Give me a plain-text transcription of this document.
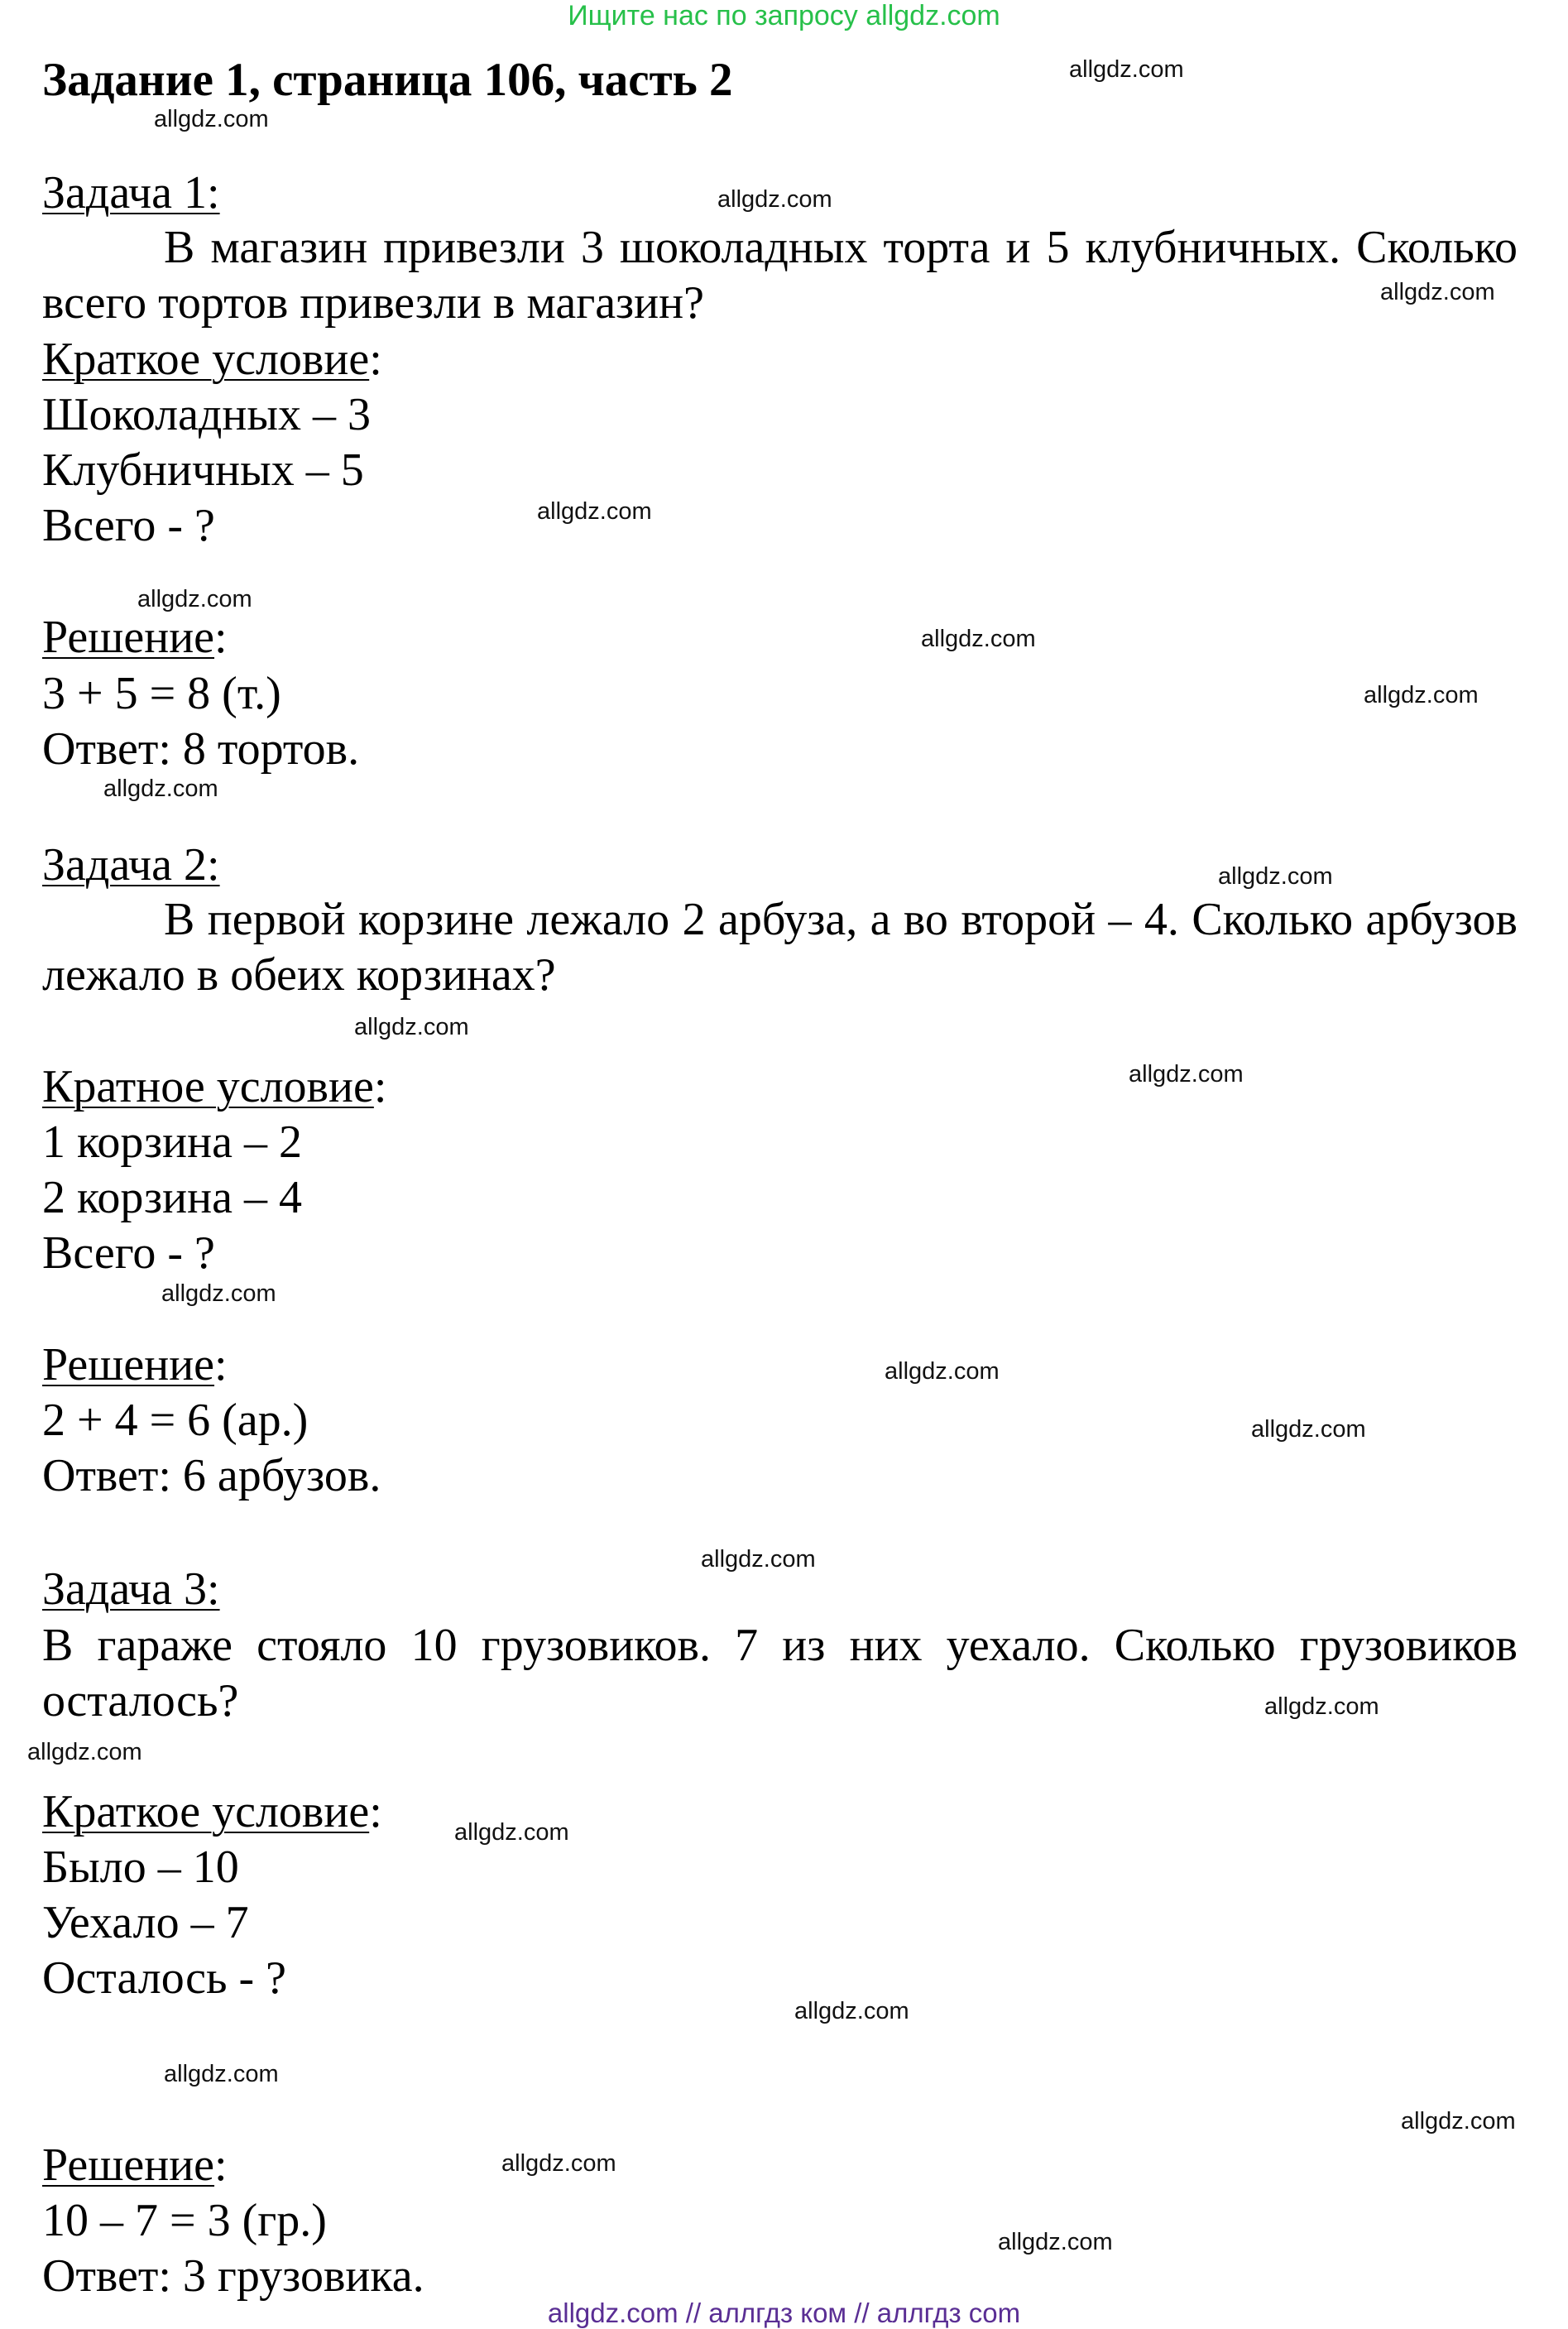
Ищите нас по запросу allgdz.com
Задание 1, страница 106, часть 2
Задача 1:
В магазин привезли 3 шоколадных торта и 5 клубничных. Сколько всего тортов привезли в магазин?
Краткое условие:
Шоколадных – 3
Клубничных – 5
Всего - ?
Решение:
3 + 5 = 8 (т.)
Ответ: 8 тортов.
Задача 2:
В первой корзине лежало 2 арбуза, а во второй – 4. Сколько арбузов лежало в обеих корзинах?
Кратное условие:
1 корзина – 2
2 корзина – 4
Всего - ?
Решение:
2 + 4 = 6 (ар.)
Ответ: 6 арбузов.
Задача 3:
В гараже стояло 10 грузовиков. 7 из них уехало. Сколько грузовиков осталось?
Краткое условие:
Было – 10
Уехало – 7
Осталось - ?
Решение:
10 – 7 = 3 (гр.)
Ответ: 3 грузовика.
allgdz.com
allgdz.com
allgdz.com
allgdz.com
allgdz.com
allgdz.com
allgdz.com
allgdz.com
allgdz.com
allgdz.com
allgdz.com
allgdz.com
allgdz.com
allgdz.com
allgdz.com
allgdz.com
allgdz.com
allgdz.com
allgdz.com
allgdz.com
allgdz.com
allgdz.com
allgdz.com
allgdz.com
allgdz.com // аллгдз ком // аллгдз com
